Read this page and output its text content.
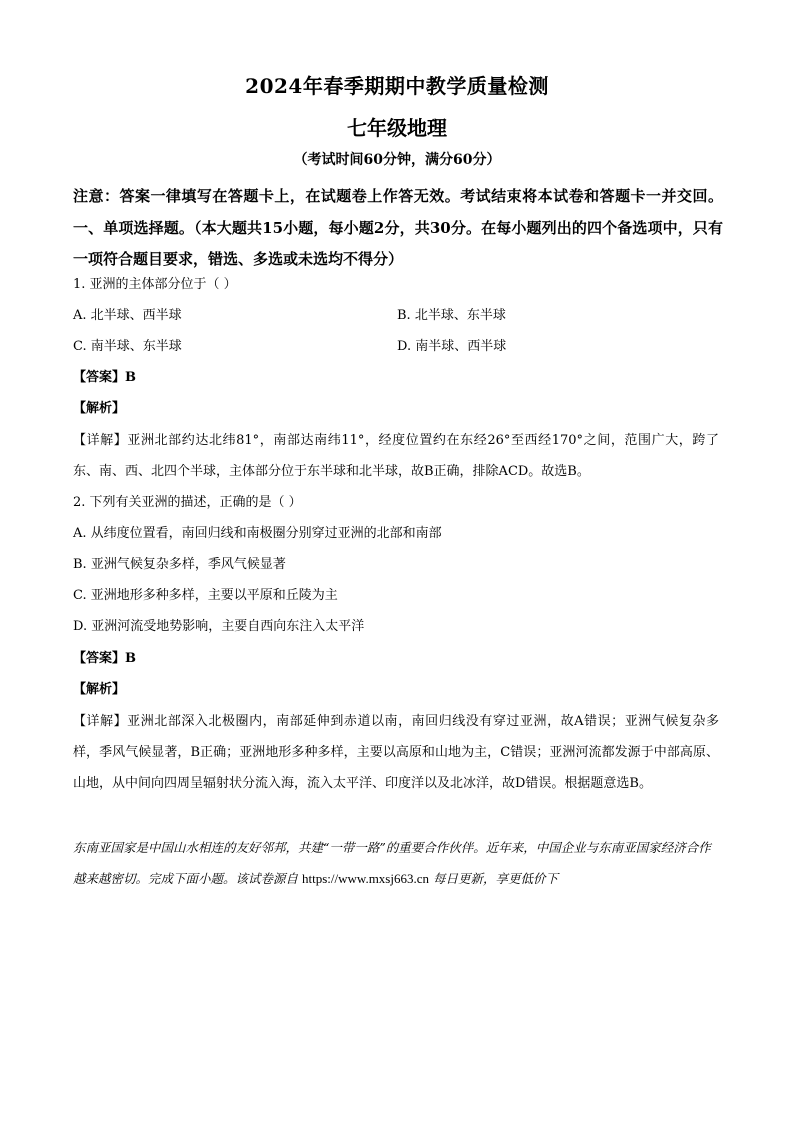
2024年春季期期中教学质量检测
七年级地理
（考试时间60分钟，满分60分）
注意：答案一律填写在答题卡上，在试题卷上作答无效。考试结束将本试卷和答题卡一并交回。一、单项选择题。（本大题共15小题，每小题2分，共30分。在每小题列出的四个备选项中，只有一项符合题目要求，错选、多选或未选均不得分）
1. 亚洲的主体部分位于（ ）
A. 北半球、西半球	B. 北半球、东半球
C. 南半球、东半球	D. 南半球、西半球
【答案】B
【解析】
【详解】亚洲北部约达北纬81°，南部达南纬11°，经度位置约在东经26°至西经170°之间，范围广大，跨了东、南、西、北四个半球，主体部分位于东半球和北半球，故B正确，排除ACD。故选B。
2. 下列有关亚洲的描述，正确的是（ ）
A. 从纬度位置看，南回归线和南极圈分别穿过亚洲的北部和南部
B. 亚洲气候复杂多样，季风气候显著
C. 亚洲地形多种多样，主要以平原和丘陵为主
D. 亚洲河流受地势影响，主要自西向东注入太平洋
【答案】B
【解析】
【详解】亚洲北部深入北极圈内，南部延伸到赤道以南，南回归线没有穿过亚洲，故A错误；亚洲气候复杂多样，季风气候显著，B正确；亚洲地形多种多样，主要以高原和山地为主，C错误；亚洲河流都发源于中部高原、山地，从中间向四周呈辐射状分流入海，流入太平洋、印度洋以及北冰洋，故D错误。根据题意选B。
东南亚国家是中国山水相连的友好邻邦，共建“一带一路”的重要合作伙伴。近年来，中国企业与东南亚国家经济合作越来越密切。完成下面小题。该试卷源自 https://www.mxsj663.cn 每日更新，享更低价下
